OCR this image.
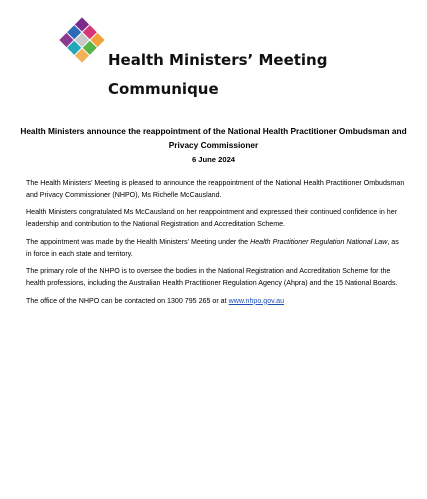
Health Ministers’ Meeting
Communique
Health Ministers announce the reappointment of the National Health Practitioner Ombudsman and Privacy Commissioner
6 June 2024

The Health Ministers’ Meeting is pleased to announce the reappointment of the National Health Practitioner Ombudsman and Privacy Commissioner (NHPO), Ms Richelle McCausland.

Health Ministers congratulated Ms McCausland on her reappointment and expressed their continued confidence in her leadership and contribution to the National Registration and Accreditation Scheme.

The appointment was made by the Health Ministers’ Meeting under the Health Practitioner Regulation National Law, as in force in each state and territory.

The primary role of the NHPO is to oversee the bodies in the National Registration and Accreditation Scheme for the health professions, including the Australian Health Practitioner Regulation Agency (Ahpra) and the 15 National Boards.

The office of the NHPO can be contacted on 1300 795 265 or at www.nhpo.gov.au
